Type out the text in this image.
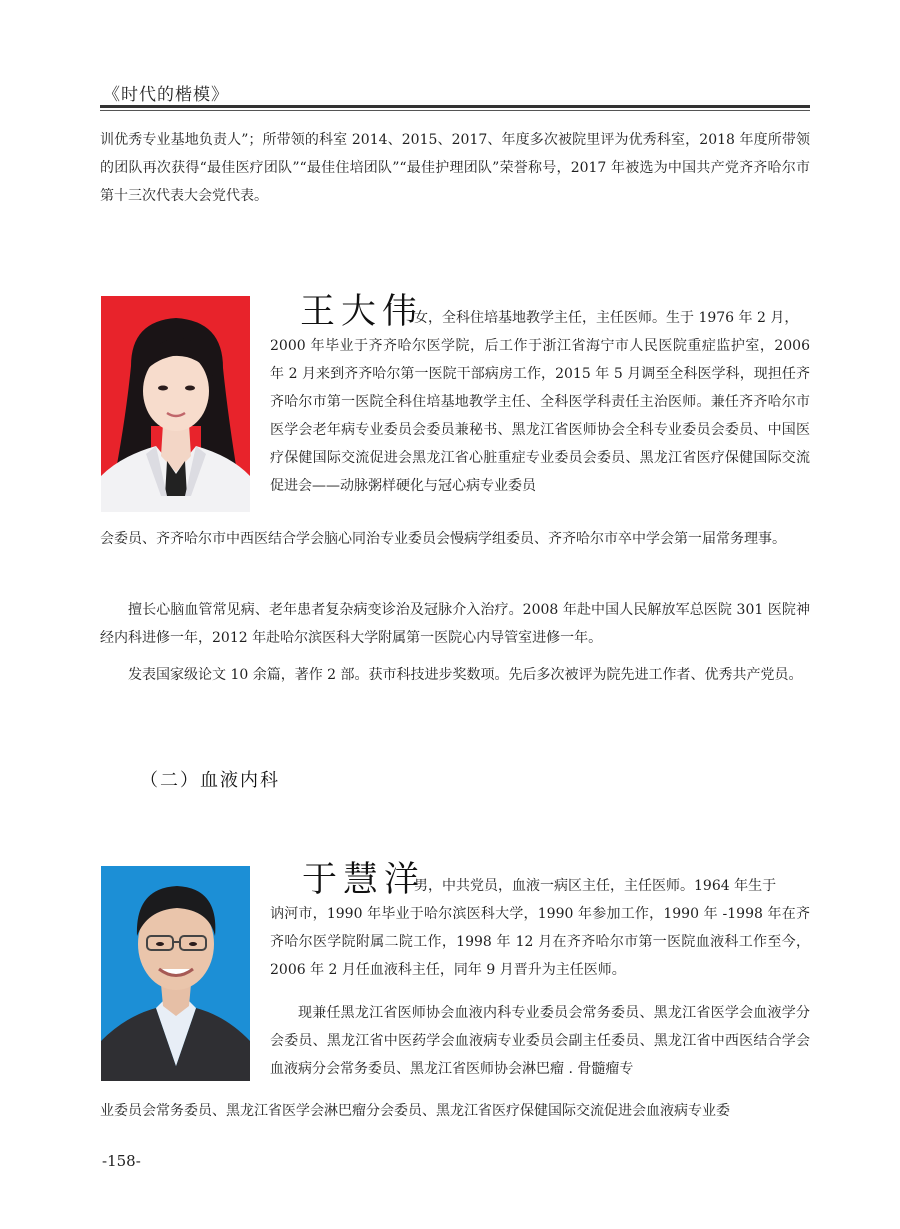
《时代的楷模》

训优秀专业基地负责人”；所带领的科室 2014、2015、2017、年度多次被院里评为优秀科室，2018 年度所带领的团队再次获得“最佳医疗团队”“最佳住培团队”“最佳护理团队”荣誉称号，2017 年被选为中国共产党齐齐哈尔市第十三次代表大会党代表。

王大伟
女，全科住培基地教学主任，主任医师。生于 1976 年 2 月，

2000 年毕业于齐齐哈尔医学院，后工作于浙江省海宁市人民医院重症监护室，2006 年 2 月来到齐齐哈尔第一医院干部病房工作，2015 年 5 月调至全科医学科，现担任齐齐哈尔市第一医院全科住培基地教学主任、全科医学科责任主治医师。兼任齐齐哈尔市医学会老年病专业委员会委员兼秘书、黑龙江省医师协会全科专业委员会委员、中国医疗保健国际交流促进会黑龙江省心脏重症专业委员会委员、黑龙江省医疗保健国际交流促进会——动脉粥样硬化与冠心病专业委员

会委员、齐齐哈尔市中西医结合学会脑心同治专业委员会慢病学组委员、齐齐哈尔市卒中学会第一届常务理事。

擅长心脑血管常见病、老年患者复杂病变诊治及冠脉介入治疗。2008 年赴中国人民解放军总医院 301 医院神经内科进修一年，2012 年赴哈尔滨医科大学附属第一医院心内导管室进修一年。

发表国家级论文 10 余篇，著作 2 部。获市科技进步奖数项。先后多次被评为院先进工作者、优秀共产党员。

（二）血液内科
于慧洋
男，中共党员，血液一病区主任，主任医师。1964 年生于

讷河市，1990 年毕业于哈尔滨医科大学，1990 年参加工作，1990 年 -1998 年在齐齐哈尔医学院附属二院工作，1998 年 12 月在齐齐哈尔市第一医院血液科工作至今，2006 年 2 月任血液科主任，同年 9 月晋升为主任医师。

现兼任黑龙江省医师协会血液内科专业委员会常务委员、黑龙江省医学会血液学分会委员、黑龙江省中医药学会血液病专业委员会副主任委员、黑龙江省中西医结合学会血液病分会常务委员、黑龙江省医师协会淋巴瘤 . 骨髓瘤专

业委员会常务委员、黑龙江省医学会淋巴瘤分会委员、黑龙江省医疗保健国际交流促进会血液病专业委

-158-
